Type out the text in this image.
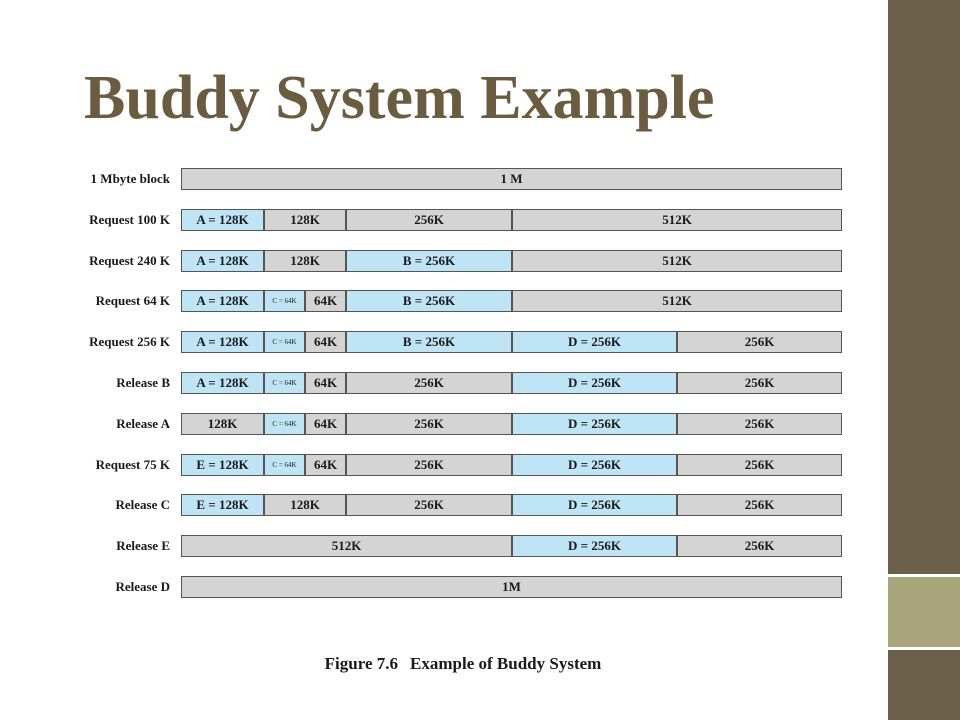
Buddy System Example
1 Mbyte block	1 M
Request 100 K	A = 128K	128K	256K	512K
Request 240 K	A = 128K	128K	B = 256K	512K
Request 64 K	A = 128K	C = 64K	64K	B = 256K	512K
Request 256 K	A = 128K	C = 64K	64K	B = 256K	D = 256K	256K
Release B	A = 128K	C = 64K	64K	256K	D = 256K	256K
Release A	128K	C = 64K	64K	256K	D = 256K	256K
Request 75 K	E = 128K	C = 64K	64K	256K	D = 256K	256K
Release C	E = 128K	128K	256K	D = 256K	256K
Release E	512K	D = 256K	256K
Release D	1M
Figure 7.6 Example of Buddy System
